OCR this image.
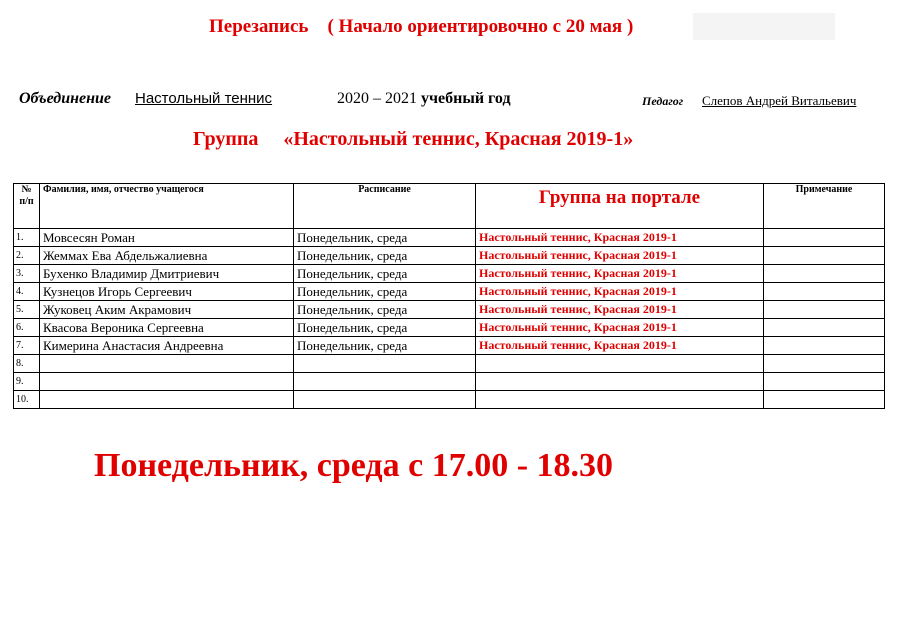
Перезапись    ( Начало ориентировочно с 20 мая )
Объединение Настольный теннис	2020 – 2021 учебный год	Педагог Слепов Андрей Витальевич
Группа     «Настольный теннис, Красная 2019-1»
№ п/п	Фамилия, имя, отчество учащегося	Расписание	Группа на портале	Примечание
1.	Мовсесян Роман	Понедельник, среда	Настольный теннис, Красная 2019-1	
2.	Жеммах Ева Абдельжалиевна	Понедельник, среда	Настольный теннис, Красная 2019-1	
3.	Бухенко Владимир Дмитриевич	Понедельник, среда	Настольный теннис, Красная 2019-1	
4.	Кузнецов Игорь Сергеевич	Понедельник, среда	Настольный теннис, Красная 2019-1	
5.	Жуковец Аким Акрамович	Понедельник, среда	Настольный теннис, Красная 2019-1	
6.	Квасова Вероника Сергеевна	Понедельник, среда	Настольный теннис, Красная 2019-1	
7.	Кимерина Анастасия Андреевна	Понедельник, среда	Настольный теннис, Красная 2019-1	
8.				
9.				
10.				
Понедельник, среда с 17.00 - 18.30
